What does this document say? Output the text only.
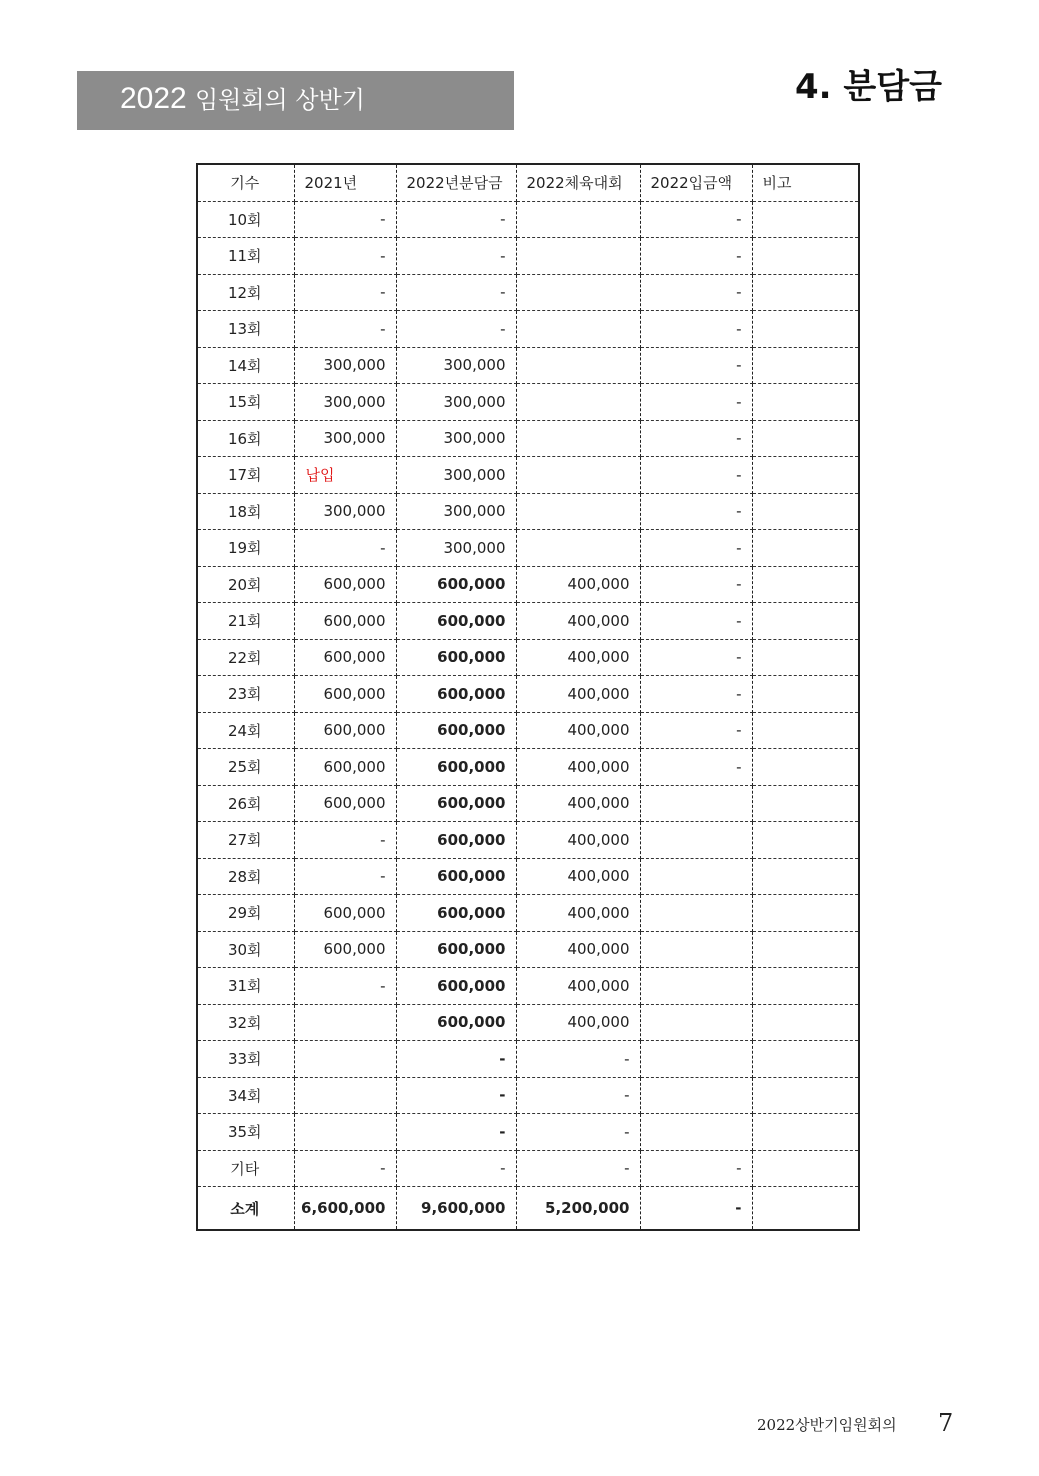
2022 임원회의 상반기	4. 분담금
기수	2021년	2022년분담금	2022체육대회	2022입금액	비고
10회	-	-		-	
11회	-	-		-	
12회	-	-		-	
13회	-	-		-	
14회	300,000	300,000		-	
15회	300,000	300,000		-	
16회	300,000	300,000		-	
17회	납입	300,000		-	
18회	300,000	300,000		-	
19회	-	300,000		-	
20회	600,000	600,000	400,000	-	
21회	600,000	600,000	400,000	-	
22회	600,000	600,000	400,000	-	
23회	600,000	600,000	400,000	-	
24회	600,000	600,000	400,000	-	
25회	600,000	600,000	400,000	-	
26회	600,000	600,000	400,000		
27회	-	600,000	400,000		
28회	-	600,000	400,000		
29회	600,000	600,000	400,000		
30회	600,000	600,000	400,000		
31회	-	600,000	400,000		
32회		600,000	400,000		
33회		-	-		
34회		-	-		
35회		-	-		
기타	-	-	-	-	
소계	6,600,000	9,600,000	5,200,000	-	
2022상반기임원회의 7
